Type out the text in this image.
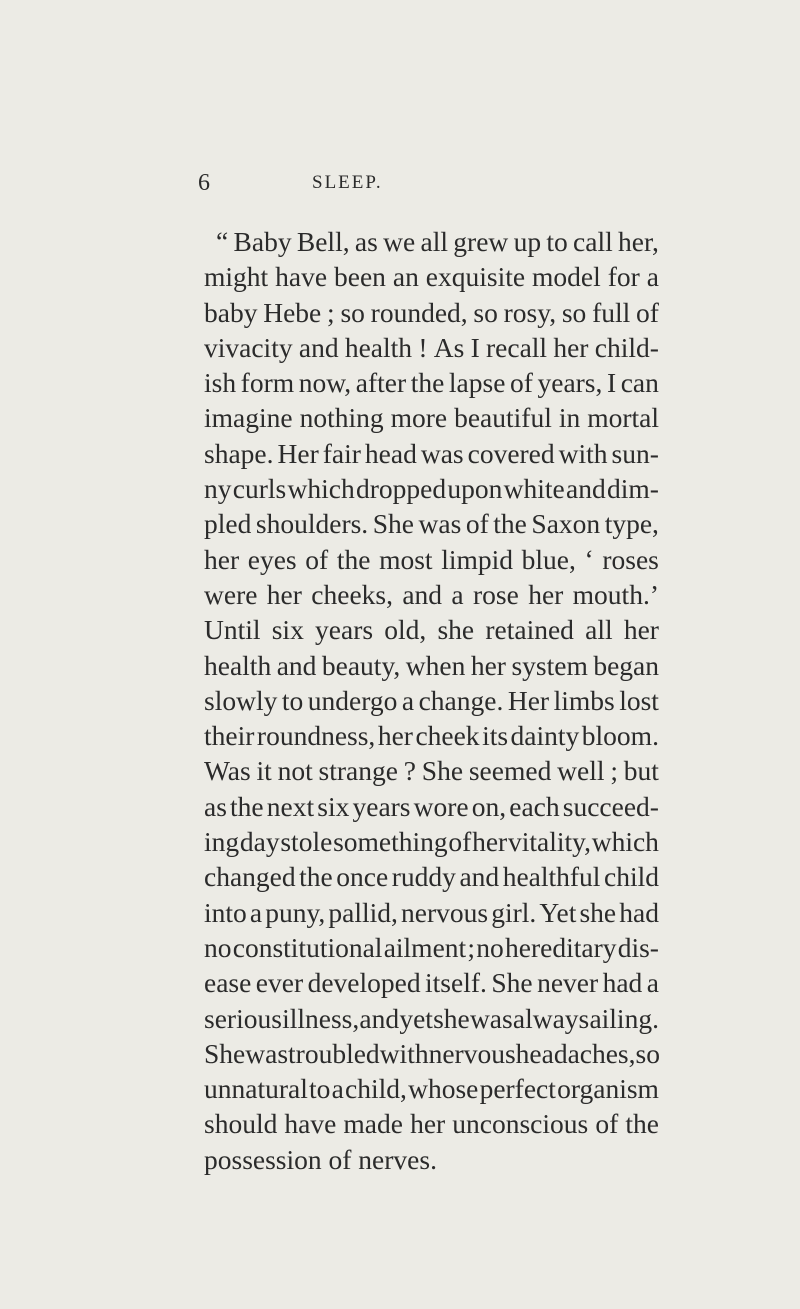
6	SLEEP.
“ Baby Bell, as we all grew up to call her,
might have been an exquisite model for a
baby Hebe ; so rounded, so rosy, so full of
vivacity and health ! As I recall her child-
ish form now, after the lapse of years, I can
imagine nothing more beautiful in mortal
shape. Her fair head was covered with sun-
ny curls which dropped upon white and dim-
pled shoulders. She was of the Saxon type,
her eyes of the most limpid blue, ‘ roses
were her cheeks, and a rose her mouth.’
Until six years old, she retained all her
health and beauty, when her system began
slowly to undergo a change. Her limbs lost
their roundness, her cheek its dainty bloom.
Was it not strange ? She seemed well ; but
as the next six years wore on, each succeed-
ing day stole something of her vitality, which
changed the once ruddy and healthful child
into a puny, pallid, nervous girl. Yet she had
no constitutional ailment ; no hereditary dis-
ease ever developed itself. She never had a
serious illness, and yet she was always ailing.
She was troubled with nervous headaches, so
unnatural to a child, whose perfect organism
should have made her unconscious of the
possession of nerves.
